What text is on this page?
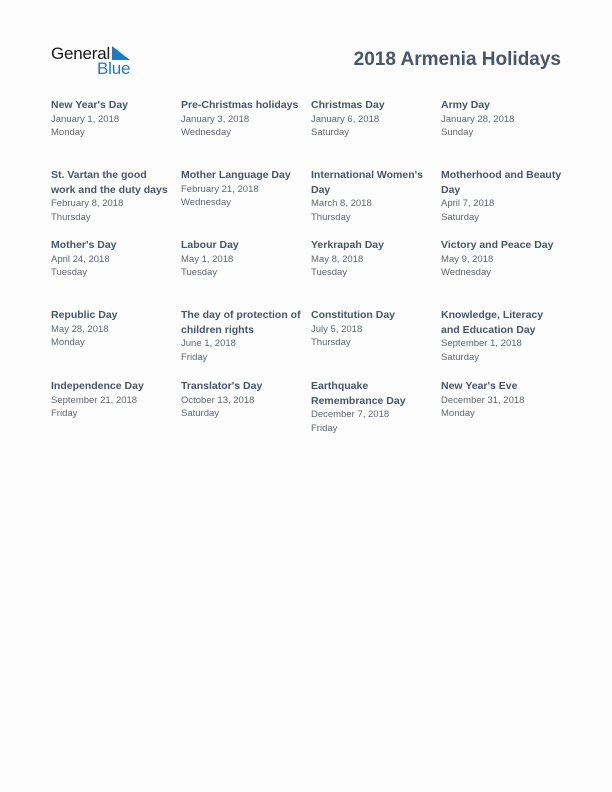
General
Blue	2018 Armenia Holidays
New Year's Day
January 1, 2018
Monday
Pre-Christmas holidays
January 3, 2018
Wednesday
Christmas Day
January 6, 2018
Saturday
Army Day
January 28, 2018
Sunday
St. Vartan the good work and the duty days
February 8, 2018
Thursday
Mother Language Day
February 21, 2018
Wednesday
International Women's Day
March 8, 2018
Thursday
Motherhood and Beauty Day
April 7, 2018
Saturday
Mother's Day
April 24, 2018
Tuesday
Labour Day
May 1, 2018
Tuesday
Yerkrapah Day
May 8, 2018
Tuesday
Victory and Peace Day
May 9, 2018
Wednesday
Republic Day
May 28, 2018
Monday
The day of protection of children rights
June 1, 2018
Friday
Constitution Day
July 5, 2018
Thursday
Knowledge, Literacy and Education Day
September 1, 2018
Saturday
Independence Day
September 21, 2018
Friday
Translator's Day
October 13, 2018
Saturday
Earthquake Remembrance Day
December 7, 2018
Friday
New Year's Eve
December 31, 2018
Monday
